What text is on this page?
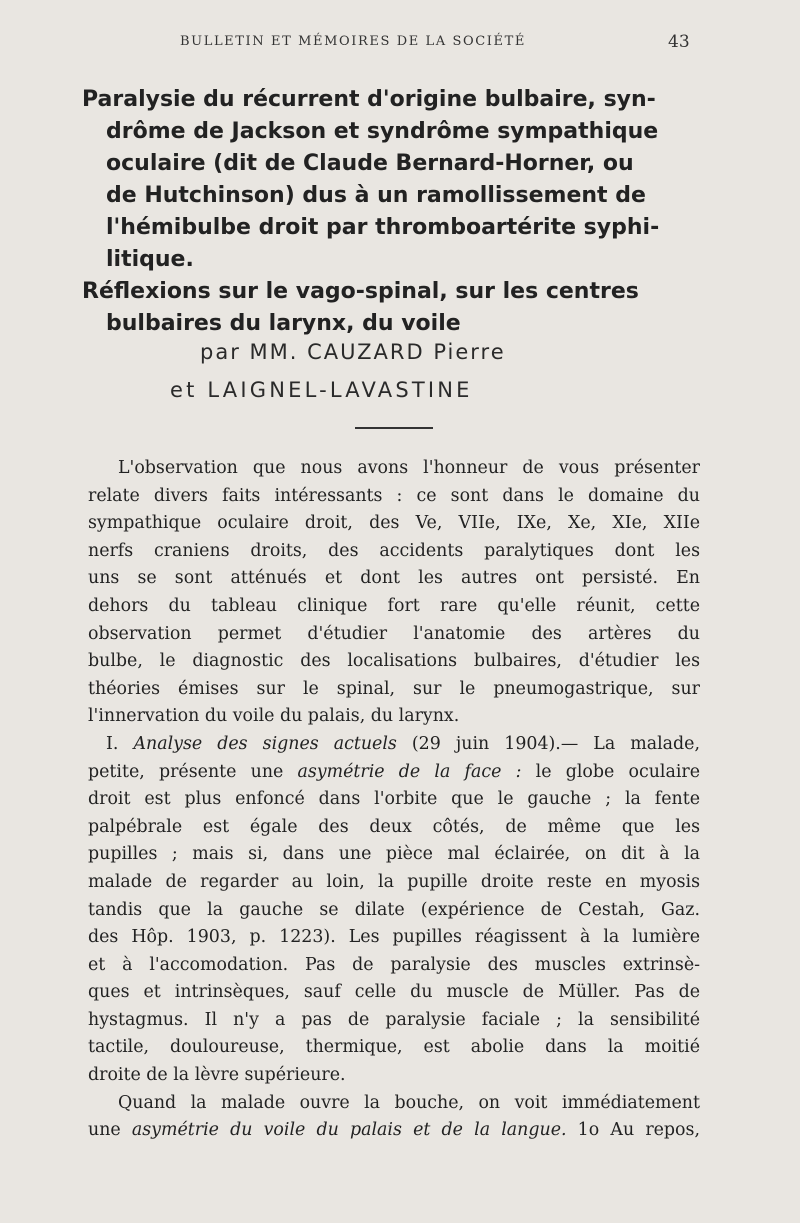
BULLETIN ET MÉMOIRES DE LA SOCIÉTÉ	43
Paralysie du récurrent d'origine bulbaire, syn-
drôme de Jackson et syndrôme sympathique
oculaire (dit de Claude Bernard-Horner, ou
de Hutchinson) dus à un ramollissement de
l'hémibulbe droit par thromboartérite syphi-
litique.
Réflexions sur le vago-spinal, sur les centres
bulbaires du larynx, du voile
par MM. CAUZARD Pierre
et LAIGNEL-LAVASTINE
L'observation que nous avons l'honneur de vous présenter
relate divers faits intéressants : ce sont dans le domaine du
sympathique oculaire droit, des Ve, VIIe, IXe, Xe, XIe, XIIe
nerfs craniens droits, des accidents paralytiques dont les
uns se sont atténués et dont les autres ont persisté. En
dehors du tableau clinique fort rare qu'elle réunit, cette
observation permet d'étudier l'anatomie des artères du
bulbe, le diagnostic des localisations bulbaires, d'étudier les
théories émises sur le spinal, sur le pneumogastrique, sur
l'innervation du voile du palais, du larynx.
I. Analyse des signes actuels (29 juin 1904).— La malade,
petite, présente une asymétrie de la face : le globe oculaire
droit est plus enfoncé dans l'orbite que le gauche ; la fente
palpébrale est égale des deux côtés, de même que les
pupilles ; mais si, dans une pièce mal éclairée, on dit à la
malade de regarder au loin, la pupille droite reste en myosis
tandis que la gauche se dilate (expérience de Cestah, Gaz.
des Hôp. 1903, p. 1223). Les pupilles réagissent à la lumière
et à l'accomodation. Pas de paralysie des muscles extrinsè-
ques et intrinsèques, sauf celle du muscle de Müller. Pas de
hystagmus. Il n'y a pas de paralysie faciale ; la sensibilité
tactile, douloureuse, thermique, est abolie dans la moitié
droite de la lèvre supérieure.
Quand la malade ouvre la bouche, on voit immédiatement
une asymétrie du voile du palais et de la langue. 1o Au repos,
